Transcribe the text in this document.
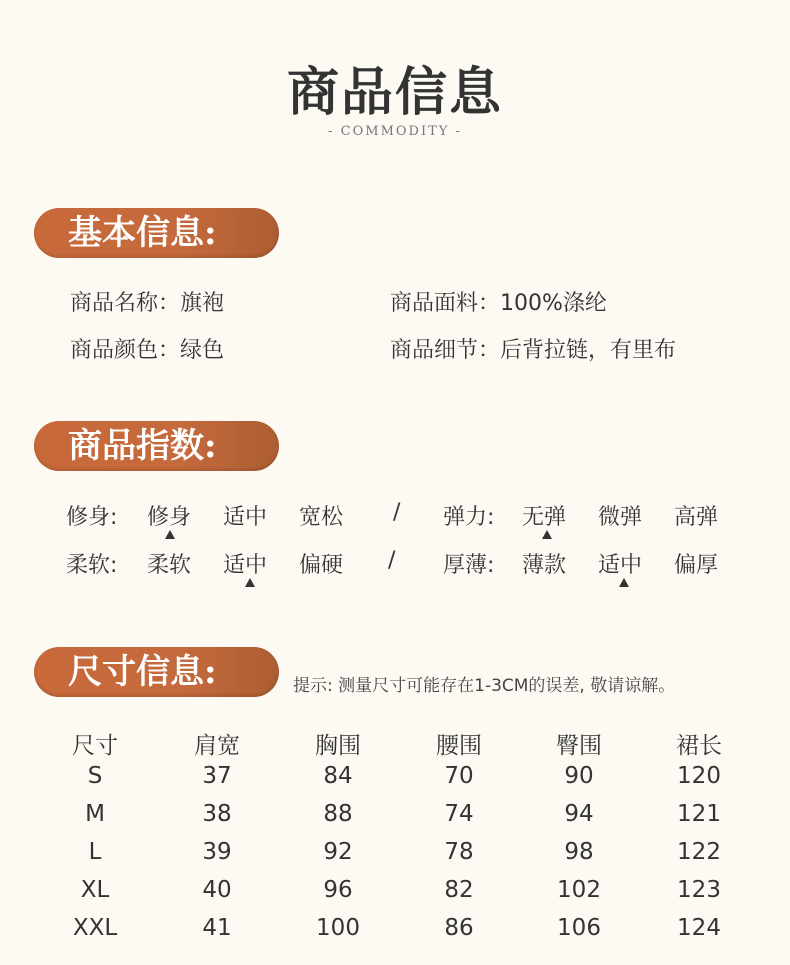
商品信息
- COMMODITY -
基本信息:
商品名称：旗袍	商品面料：100%涤纶
商品颜色：绿色	商品细节：后背拉链，有里布
商品指数:
修身: 修身 适中 宽松 / 弹力: 无弹 微弹 高弹
柔软: 柔软 适中 偏硬 / 厚薄: 薄款 适中 偏厚
尺寸信息:	提示: 测量尺寸可能存在1-3CM的误差, 敬请谅解。
尺寸	肩宽	胸围	腰围	臀围	裙长
S	37	84	70	90	120
M	38	88	74	94	121
L	39	92	78	98	122
XL	40	96	82	102	123
XXL	41	100	86	106	124
